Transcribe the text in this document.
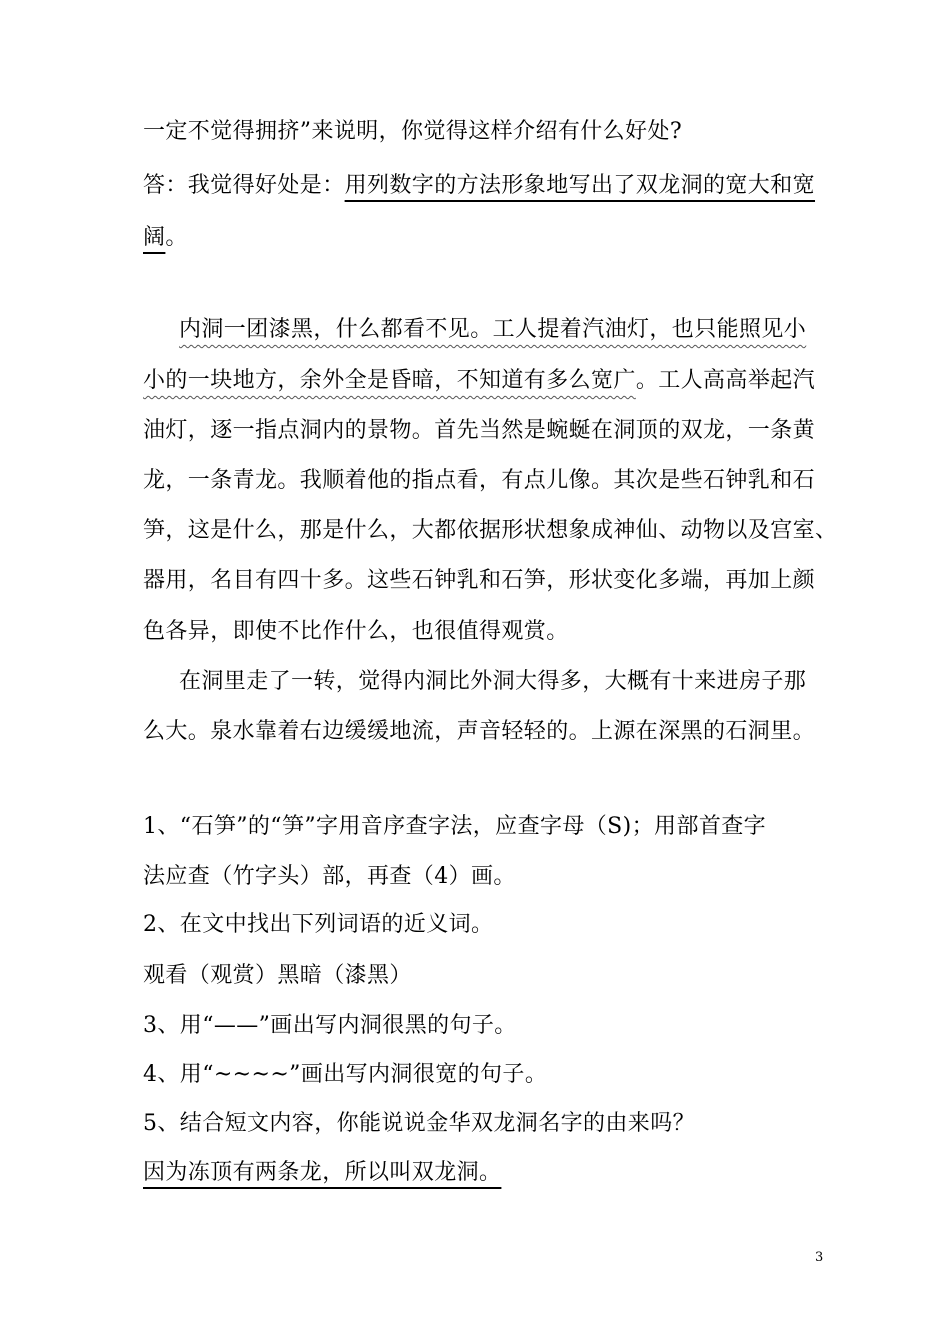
一定不觉得拥挤”来说明，你觉得这样介绍有什么好处?
答：我觉得好处是：用列数字的方法形象地写出了双龙洞的宽大和宽
阔。
内洞一团漆黑，什么都看不见。工人提着汽油灯，也只能照见小
小的一块地方，余外全是昏暗，不知道有多么宽广。工人高高举起汽
油灯，逐一指点洞内的景物。首先当然是蜿蜒在洞顶的双龙，一条黄
龙，一条青龙。我顺着他的指点看，有点儿像。其次是些石钟乳和石
笋，这是什么，那是什么，大都依据形状想象成神仙、动物以及宫室、
器用，名目有四十多。这些石钟乳和石笋，形状变化多端，再加上颜
色各异，即使不比作什么，也很值得观赏。
在洞里走了一转，觉得内洞比外洞大得多，大概有十来进房子那
么大。泉水靠着右边缓缓地流，声音轻轻的。上源在深黑的石洞里。
1、“石笋”的“笋”字用音序查字法，应查字母（S)；用部首查字
法应查（竹字头）部，再查（4）画。
2、在文中找出下列词语的近义词。
观看（观赏）黑暗（漆黑）
3、用“——”画出写内洞很黑的句子。
4、用“~~~~”画出写内洞很宽的句子。
5、结合短文内容，你能说说金华双龙洞名字的由来吗？
因为冻顶有两条龙，所以叫双龙洞。
3
